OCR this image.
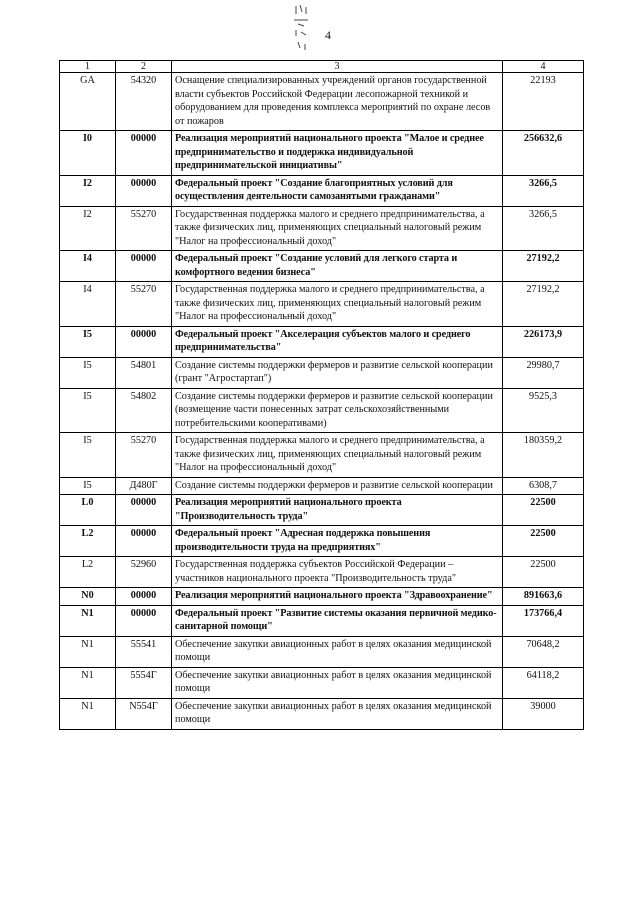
4
1	2	3	4
GA	54320	Оснащение специализированных учреждений органов государственной власти субъектов Российской Федерации лесопожарной техникой и оборудованием для проведения комплекса мероприятий по охране лесов от пожаров	22193
I0	00000	Реализация мероприятий национального проекта "Малое и среднее предпринимательство и поддержка индивидуальной предпринимательской инициативы"	256632,6
I2	00000	Федеральный проект "Создание благоприятных условий для осуществления деятельности самозанятыми гражданами"	3266,5
I2	55270	Государственная поддержка малого и среднего предпринимательства, а также физических лиц, применяющих специальный налоговый режим "Налог на профессиональный доход"	3266,5
I4	00000	Федеральный проект "Создание условий для легкого старта и комфортного ведения бизнеса"	27192,2
I4	55270	Государственная поддержка малого и среднего предпринимательства, а также физических лиц, применяющих специальный налоговый режим "Налог на профессиональный доход"	27192,2
I5	00000	Федеральный проект "Акселерация субъектов малого и среднего предпринимательства"	226173,9
I5	54801	Создание системы поддержки фермеров и развитие сельской кооперации (грант "Агростартап")	29980,7
I5	54802	Создание системы поддержки фермеров и развитие сельской кооперации (возмещение части понесенных затрат сельскохозяйственными потребительскими кооперативами)	9525,3
I5	55270	Государственная поддержка малого и среднего предпринимательства, а также физических лиц, применяющих специальный налоговый режим "Налог на профессиональный доход"	180359,2
I5	Д480Г	Создание системы поддержки фермеров и развитие сельской кооперации	6308,7
L0	00000	Реализация мероприятий национального проекта "Производительность труда"	22500
L2	00000	Федеральный проект "Адресная поддержка повышения производительности труда на предприятиях"	22500
L2	52960	Государственная поддержка субъектов Российской Федерации – участников национального проекта "Производительность труда"	22500
N0	00000	Реализация мероприятий национального проекта "Здравоохранение"	891663,6
N1	00000	Федеральный проект "Развитие системы оказания первичной медико-санитарной помощи"	173766,4
N1	55541	Обеспечение закупки авиационных работ в целях оказания медицинской помощи	70648,2
N1	5554Г	Обеспечение закупки авиационных работ в целях оказания медицинской помощи	64118,2
N1	N554Г	Обеспечение закупки авиационных работ в целях оказания медицинской помощи	39000
